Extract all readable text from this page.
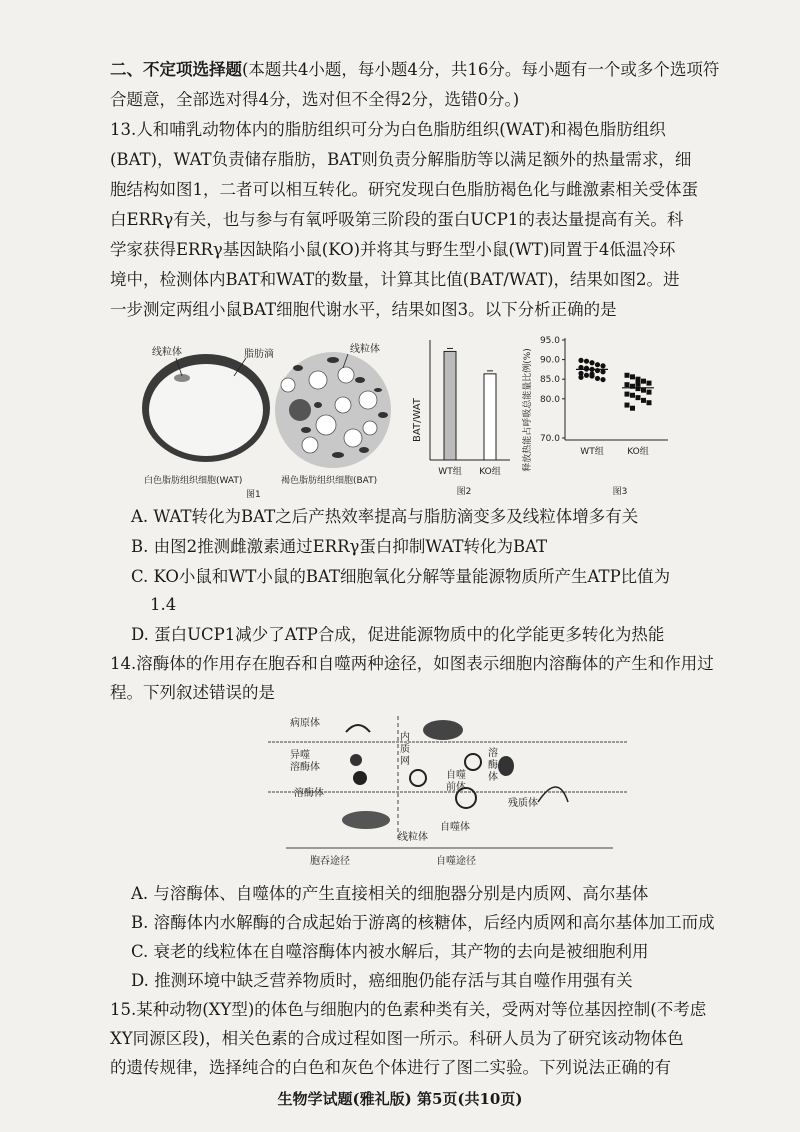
二、不定项选择题(本题共4小题，每小题4分，共16分。每小题有一个或多个选项符
合题意，全部选对得4分，选对但不全得2分，选错0分。)
13.人和哺乳动物体内的脂肪组织可分为白色脂肪组织(WAT)和褐色脂肪组织
(BAT)，WAT负责储存脂肪，BAT则负责分解脂肪等以满足额外的热量需求，细
胞结构如图1，二者可以相互转化。研究发现白色脂肪褐色化与雌激素相关受体蛋
白ERRγ有关，也与参与有氧呼吸第三阶段的蛋白UCP1的表达量提高有关。科
学家获得ERRγ基因缺陷小鼠(KO)并将其与野生型小鼠(WT)同置于4低温冷环
境中，检测体内BAT和WAT的数量，计算其比值(BAT/WAT)，结果如图2。进
一步测定两组小鼠BAT细胞代谢水平，结果如图3。以下分析正确的是
线粒体	脂肪滴	线粒体
白色脂肪组织细胞(WAT)	褐色脂肪组织细胞(BAT)
图1
BAT/WAT
WT组 KO组
图2
释放热能占呼吸总能量比例(%)
95.0
90.0
85.0
80.0
70.0
WT组	KO组
图3
A. WAT转化为BAT之后产热效率提高与脂肪滴变多及线粒体增多有关
B. 由图2推测雌激素通过ERRγ蛋白抑制WAT转化为BAT
C. KO小鼠和WT小鼠的BAT细胞氧化分解等量能源物质所产生ATP比值为
1.4
D. 蛋白UCP1减少了ATP合成，促进能源物质中的化学能更多转化为热能
14.溶酶体的作用存在胞吞和自噬两种途径，如图表示细胞内溶酶体的产生和作用过
程。下列叙述错误的是
病原体
异噬
溶酶体
溶酶体
内
质
网
自噬
前体
溶
酶
体
残质体
线粒体
自噬体
胞吞途径	自噬途径
A. 与溶酶体、自噬体的产生直接相关的细胞器分别是内质网、高尔基体
B. 溶酶体内水解酶的合成起始于游离的核糖体，后经内质网和高尔基体加工而成
C. 衰老的线粒体在自噬溶酶体内被水解后，其产物的去向是被细胞利用
D. 推测环境中缺乏营养物质时，癌细胞仍能存活与其自噬作用强有关
15.某种动物(XY型)的体色与细胞内的色素种类有关，受两对等位基因控制(不考虑
XY同源区段)，相关色素的合成过程如图一所示。科研人员为了研究该动物体色
的遗传规律，选择纯合的白色和灰色个体进行了图二实验。下列说法正确的有
生物学试题(雅礼版) 第5页(共10页)
